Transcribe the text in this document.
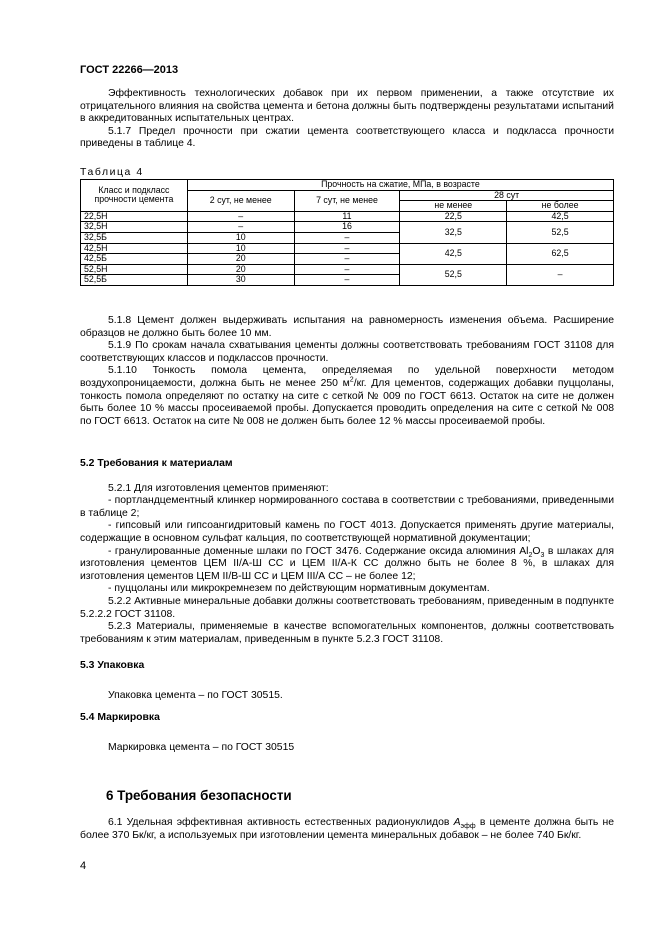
ГОСТ 22266—2013

Эффективность технологических добавок при их первом применении, а также отсутствие их отрицательного влияния на свойства цемента и бетона должны быть подтверждены результатами испытаний в аккредитованных испытательных центрах.

5.1.7 Предел прочности при сжатии цемента соответствующего класса и подкласса прочности приведены в таблице 4.

Таблица 4
Класс и подкласс прочности цемента	Прочность на сжатие, МПа, в возрасте			
	2 сут, не менее	7 сут, не менее	28 сут	
			не менее	не более
22,5Н	–	11	22,5	42,5
32,5Н	–	16	32,5	52,5
32,5Б	10	–		
42,5Н	10	–	42,5	62,5
42,5Б	20	–		
52,5Н	20	–	52,5	–
52,5Б	30	–		

5.1.8 Цемент должен выдерживать испытания на равномерность изменения объема. Расширение образцов не должно быть более 10 мм.

5.1.9 По срокам начала схватывания цементы должны соответствовать требованиям ГОСТ 31108 для соответствующих классов и подклассов прочности.

5.1.10 Тонкость помола цемента, определяемая по удельной поверхности методом воздухопроницаемости, должна быть не менее 250 $м^2/кг$. Для цементов, содержащих добавки пуццоланы, тонкость помола определяют по остатку на сите с сеткой № 009 по ГОСТ 6613. Остаток на сите не должен быть более 10 % массы просеиваемой пробы. Допускается проводить определения на сите с сеткой № 008 по ГОСТ 6613. Остаток на сите № 008 не должен быть более 12 % массы просеиваемой пробы.

5.2 Требования к материалам

5.2.1 Для изготовления цементов применяют:

- портландцементный клинкер нормированного состава в соответствии с требованиями, приведенными в таблице 2;

- гипсовый или гипсоангидритовый камень по ГОСТ 4013. Допускается применять другие материалы, содержащие в основном сульфат кальция, по соответствующей нормативной документации;

- гранулированные доменные шлаки по ГОСТ 3476. Содержание оксида алюминия $Al_2O_3$ в шлаках для изготовления цементов ЦЕМ II/А-Ш СС и ЦЕМ II/А-К СС должно быть не более 8 %, в шлаках для изготовления цементов ЦЕМ II/В-Ш СС и ЦЕМ III/А СС – не более 12;

- пуццоланы или микрокремнезем по действующим нормативным документам.

5.2.2 Активные минеральные добавки должны соответствовать требованиям, приведенным в подпункте 5.2.2.2 ГОСТ 31108.

5.2.3 Материалы, применяемые в качестве вспомогательных компонентов, должны соответствовать требованиям к этим материалам, приведенным в пункте 5.2.3 ГОСТ 31108.

5.3 Упаковка

Упаковка цемента – по ГОСТ 30515.

5.4 Маркировка

Маркировка цемента – по ГОСТ 30515

6 Требования безопасности

6.1 Удельная эффективная активность естественных радионуклидов $А_{эфф}$ в цементе должна быть не более 370 Бк/кг, а используемых при изготовлении цемента минеральных добавок – не более 740 Бк/кг.

4
